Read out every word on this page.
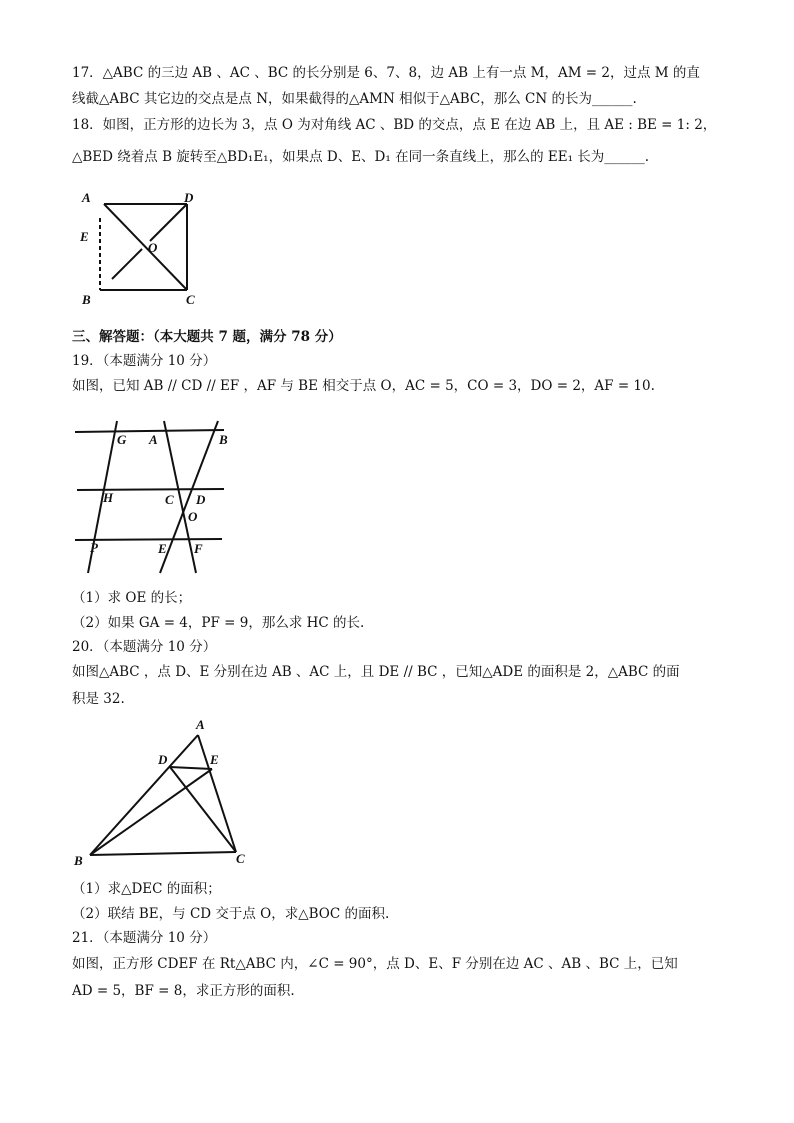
17．△ABC 的三边 AB 、AC 、BC 的长分别是 6、7、8，边 AB 上有一点 M，AM = 2，过点 M 的直
线截△ABC 其它边的交点是点 N，如果截得的△AMN 相似于△ABC，那么 CN 的长为______.
18．如图，正方形的边长为 3，点 O 为对角线 AC 、BD 的交点，点 E 在边 AB 上，且 AE : BE = 1: 2，
△BED 绕着点 B 旋转至△BD₁E₁，如果点 D、E、D₁ 在同一条直线上，那么的 EE₁ 长为______.
A	D
E
O
B	C
三、解答题：（本大题共 7 题，满分 78 分）
19．（本题满分 10 分）
如图，已知 AB // CD // EF ，AF 与 BE 相交于点 O，AC = 5，CO = 3，DO = 2，AF = 10.
G A	B
H	C D
O
P	E F
（1）求 OE 的长；
（2）如果 GA = 4，PF = 9，那么求 HC 的长.
20．（本题满分 10 分）
如图△ABC ，点 D、E 分别在边 AB 、AC 上，且 DE // BC ，已知△ADE 的面积是 2，△ABC 的面
积是 32.
A
D	E
B	C
（1）求△DEC 的面积；
（2）联结 BE，与 CD 交于点 O，求△BOC 的面积.
21．（本题满分 10 分）
如图，正方形 CDEF 在 Rt△ABC 内，∠C = 90°，点 D、E、F 分别在边 AC 、AB 、BC 上，已知
AD = 5，BF = 8，求正方形的面积.
